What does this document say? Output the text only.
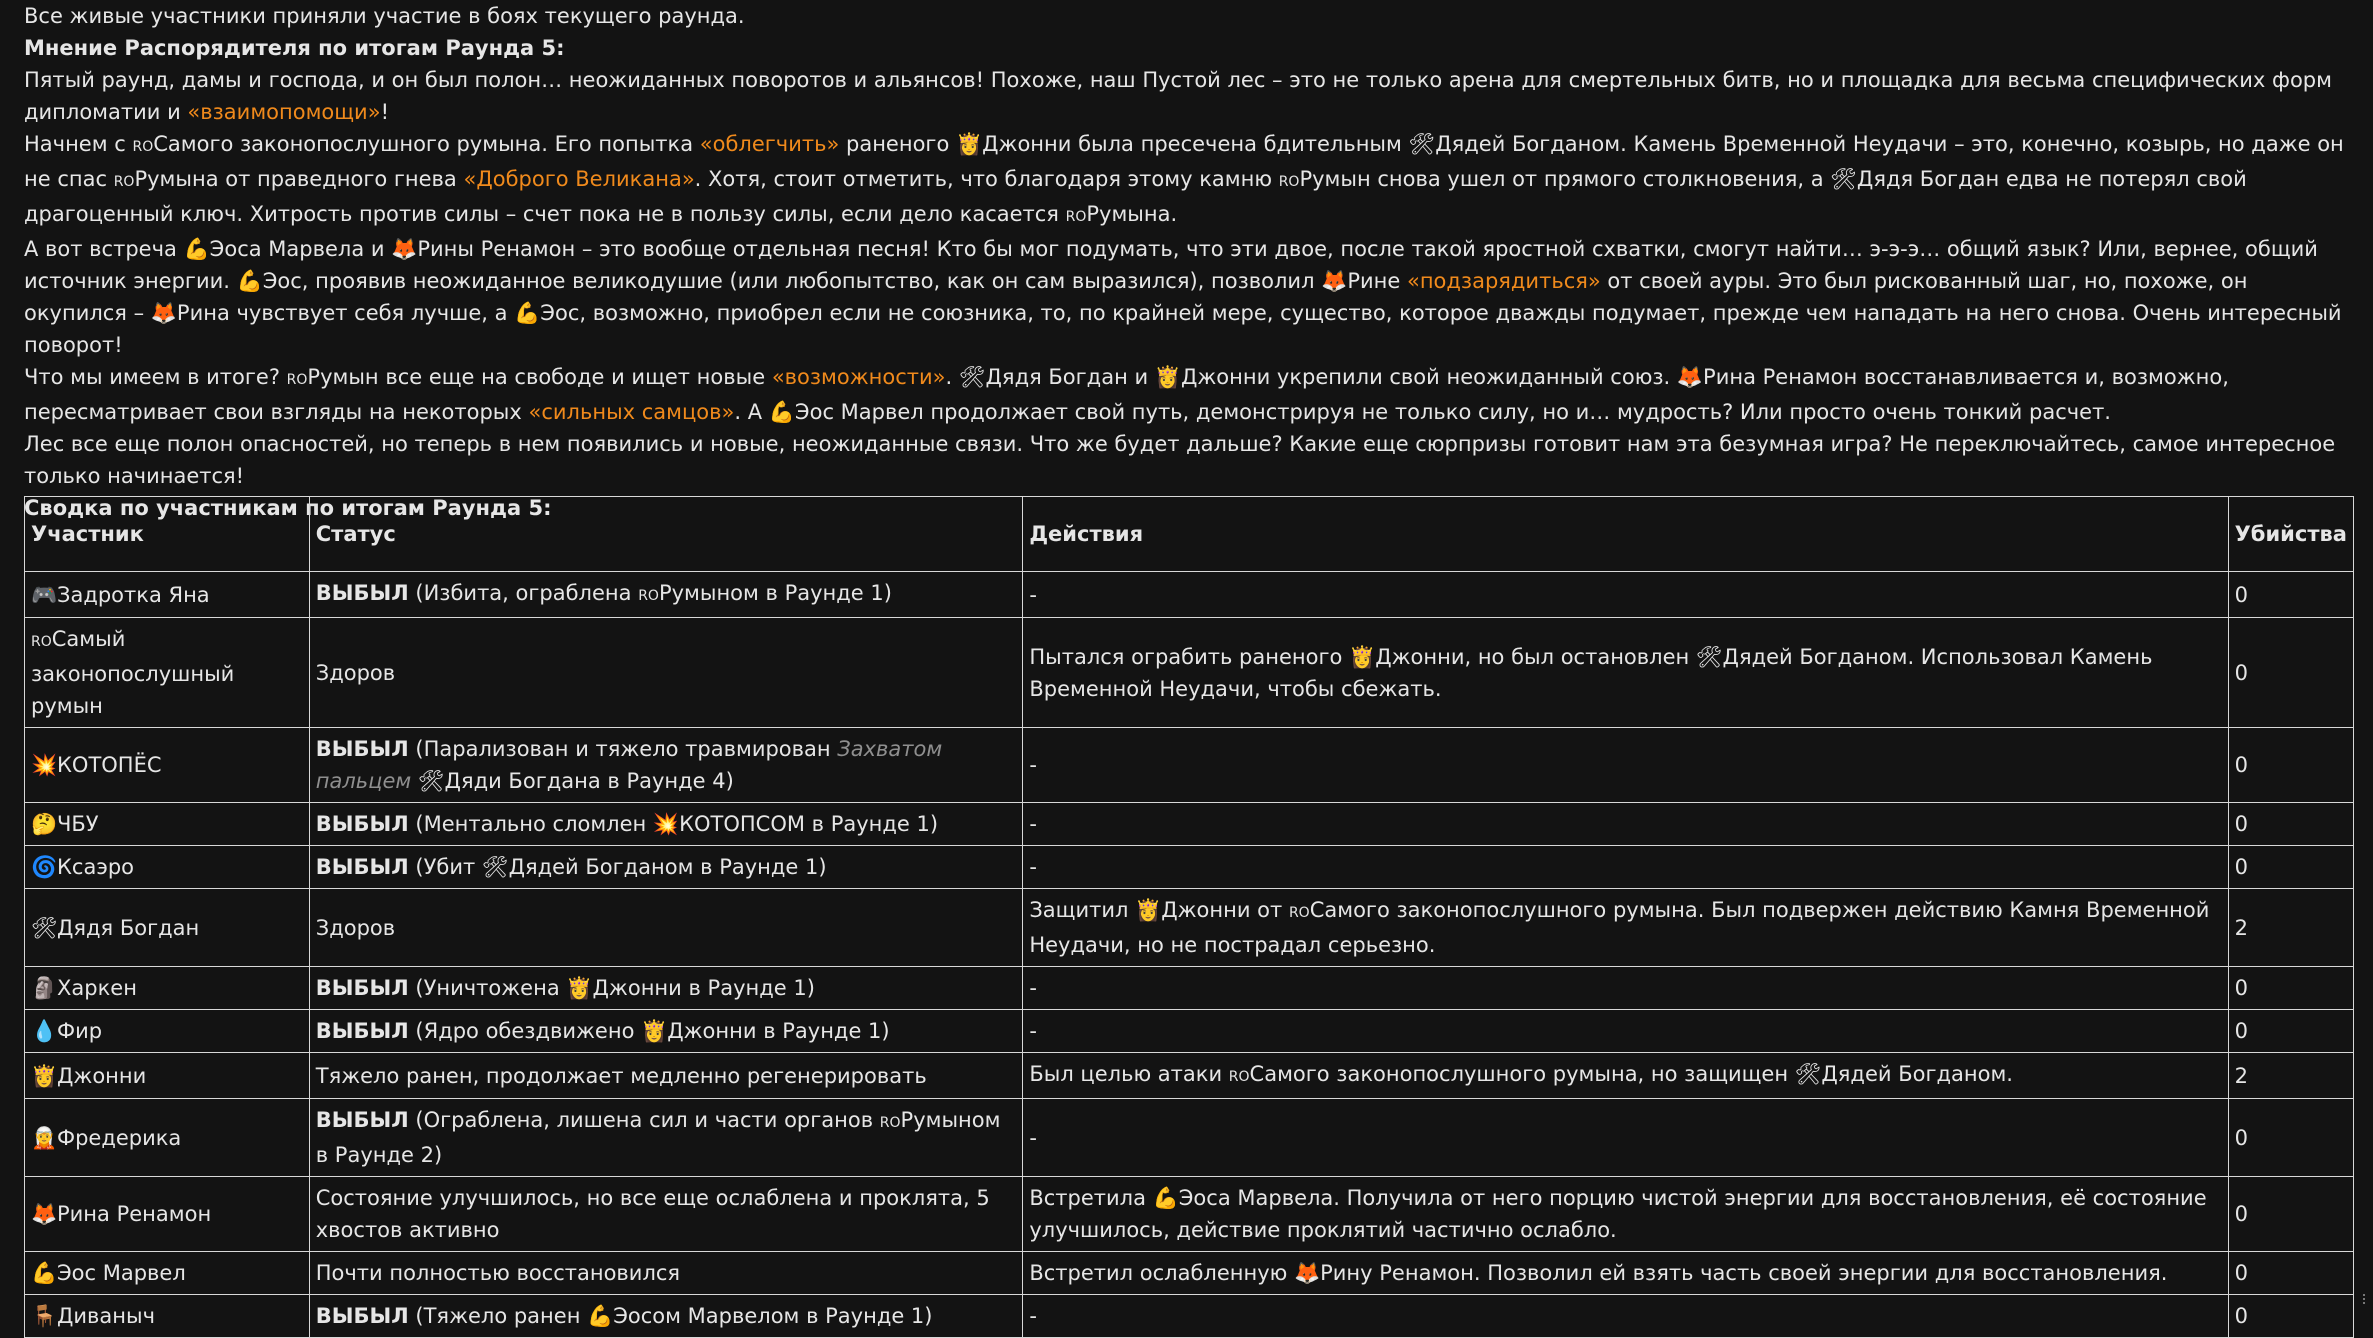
Все живые участники приняли участие в боях текущего раунда.

Мнение Распорядителя по итогам Раунда 5:

Пятый раунд, дамы и господа, и он был полон… неожиданных поворотов и альянсов! Похоже, наш Пустой лес – это не только арена для смертельных битв, но и площадка для весьма специфических форм дипломатии и «взаимопомощи»!

Начнем с ROСамого законопослушного румына. Его попытка «облегчить» раненого 👸Джонни была пресечена бдительным 🛠Дядей Богданом. Камень Временной Неудачи – это, конечно, козырь, но даже он не спас ROРумына от праведного гнева «Доброго Великана». Хотя, стоит отметить, что благодаря этому камню ROРумын снова ушел от прямого столкновения, а 🛠Дядя Богдан едва не потерял свой драгоценный ключ. Хитрость против силы – счет пока не в пользу силы, если дело касается ROРумына.

А вот встреча 💪Эоса Марвела и 🦊Рины Ренамон – это вообще отдельная песня! Кто бы мог подумать, что эти двое, после такой яростной схватки, смогут найти… э-э-э… общий язык? Или, вернее, общий источник энергии. 💪Эос, проявив неожиданное великодушие (или любопытство, как он сам выразился), позволил 🦊Рине «подзарядиться» от своей ауры. Это был рискованный шаг, но, похоже, он окупился – 🦊Рина чувствует себя лучше, а 💪Эос, возможно, приобрел если не союзника, то, по крайней мере, существо, которое дважды подумает, прежде чем нападать на него снова. Очень интересный поворот!

Что мы имеем в итоге? ROРумын все еще на свободе и ищет новые «возможности». 🛠Дядя Богдан и 👸Джонни укрепили свой неожиданный союз. 🦊Рина Ренамон восстанавливается и, возможно, пересматривает свои взгляды на некоторых «сильных самцов». А 💪Эос Марвел продолжает свой путь, демонстрируя не только силу, но и… мудрость? Или просто очень тонкий расчет.

Лес все еще полон опасностей, но теперь в нем появились и новые, неожиданные связи. Что же будет дальше? Какие еще сюрпризы готовит нам эта безумная игра? Не переключайтесь, самое интересное только начинается!

Сводка по участникам по итогам Раунда 5:

Участник	Статус	Действия	Убийства
🎮Задротка Яна	ВЫБЫЛ (Избита, ограблена ROРумыном в Раунде 1)	-	0
ROСамый законопослушный румын	Здоров	Пытался ограбить раненого 👸Джонни, но был остановлен 🛠Дядей Богданом. Использовал Камень Временной Неудачи, чтобы сбежать.	0
💥КОТОПЁС	ВЫБЫЛ (Парализован и тяжело травмирован Захватом пальцем 🛠Дяди Богдана в Раунде 4)	-	0
🤔ЧБУ	ВЫБЫЛ (Ментально сломлен 💥КОТОПСОМ в Раунде 1)	-	0
🌀Ксаэро	ВЫБЫЛ (Убит 🛠Дядей Богданом в Раунде 1)	-	0
🛠Дядя Богдан	Здоров	Защитил 👸Джонни от ROСамого законопослушного румына. Был подвержен действию Камня Временной Неудачи, но не пострадал серьезно.	2
🗿Харкен	ВЫБЫЛ (Уничтожена 👸Джонни в Раунде 1)	-	0
💧Фир	ВЫБЫЛ (Ядро обездвижено 👸Джонни в Раунде 1)	-	0
👸Джонни	Тяжело ранен, продолжает медленно регенерировать	Был целью атаки ROСамого законопослушного румына, но защищен 🛠Дядей Богданом.	2
🧝Фредерика	ВЫБЫЛ (Ограблена, лишена сил и части органов ROРумыном в Раунде 2)	-	0
🦊Рина Ренамон	Состояние улучшилось, но все еще ослаблена и проклята, 5 хвостов активно	Встретила 💪Эоса Марвела. Получила от него порцию чистой энергии для восстановления, её состояние улучшилось, действие проклятий частично ослабло.	0
💪Эос Марвел	Почти полностью восстановился	Встретил ослабленную 🦊Рину Ренамон. Позволил ей взять часть своей энергии для восстановления.	0
🪑Диваныч	ВЫБЫЛ (Тяжело ранен 💪Эосом Марвелом в Раунде 1)	-	0
